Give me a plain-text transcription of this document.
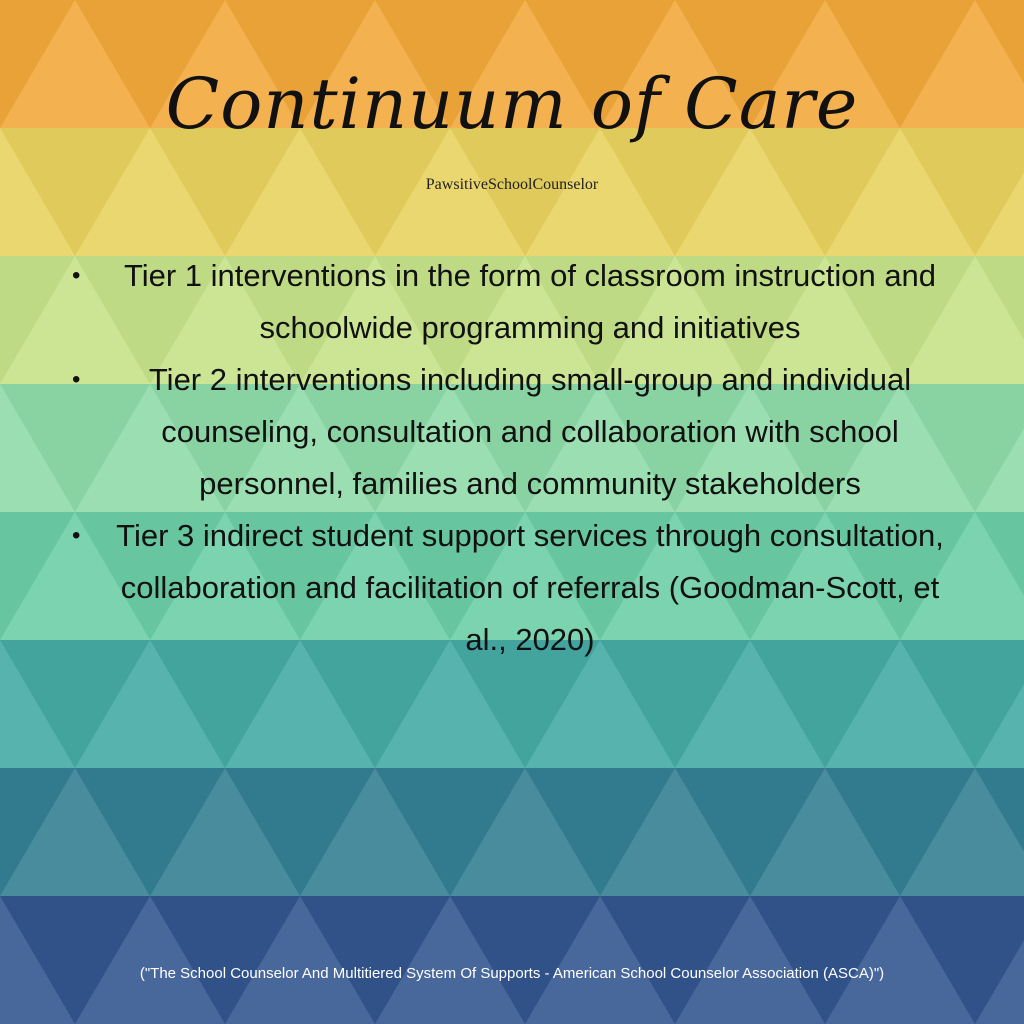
Continuum of Care
PawsitiveSchoolCounselor
• Tier 1 interventions in the form of classroom instruction and schoolwide programming and initiatives
• Tier 2 interventions including small-group and individual counseling, consultation and collaboration with school personnel, families and community stakeholders
• Tier 3 indirect student support services through consultation, collaboration and facilitation of referrals (Goodman-Scott, et al., 2020)
("The School Counselor And Multitiered System Of Supports - American School Counselor Association (ASCA)")
